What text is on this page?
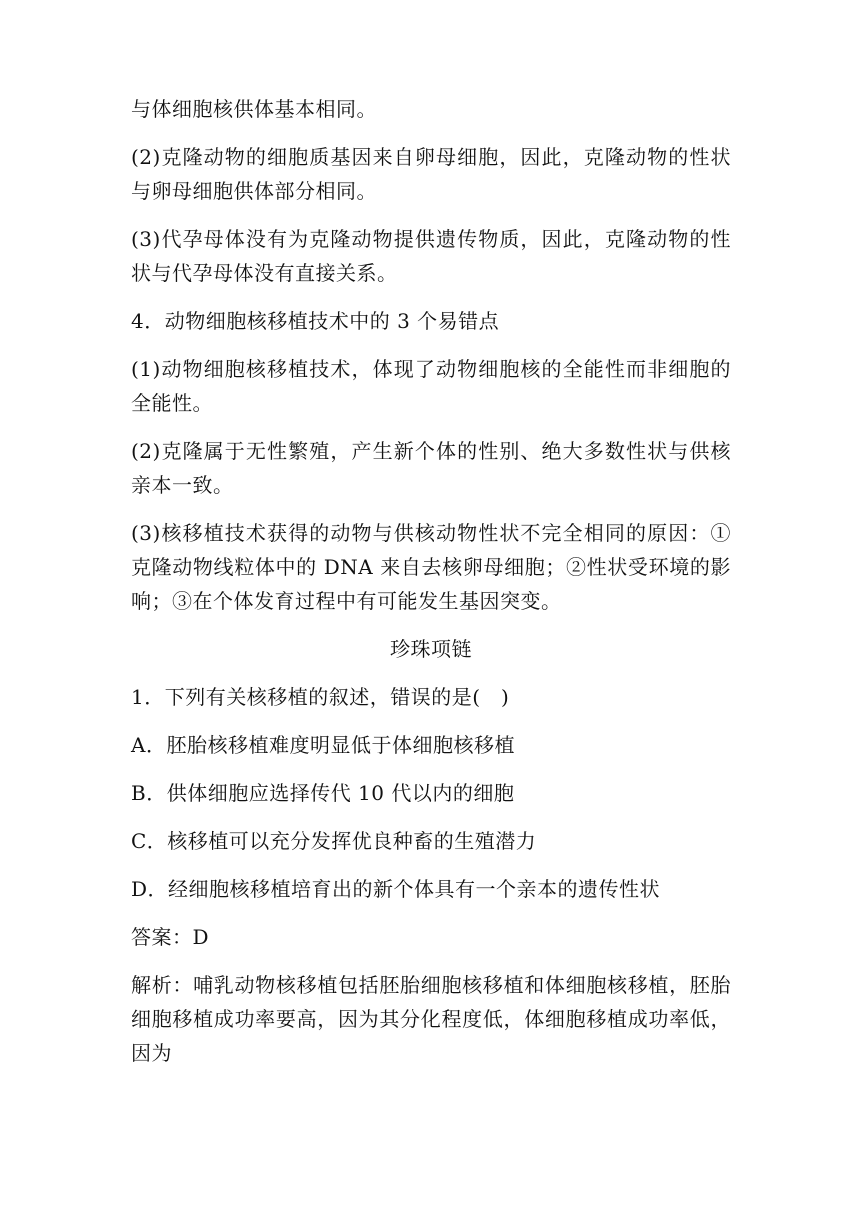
与体细胞核供体基本相同。

(2)克隆动物的细胞质基因来自卵母细胞，因此，克隆动物的性状与卵母细胞供体部分相同。

(3)代孕母体没有为克隆动物提供遗传物质，因此，克隆动物的性状与代孕母体没有直接关系。

4．动物细胞核移植技术中的 3 个易错点

(1)动物细胞核移植技术，体现了动物细胞核的全能性而非细胞的全能性。

(2)克隆属于无性繁殖，产生新个体的性别、绝大多数性状与供核亲本一致。

(3)核移植技术获得的动物与供核动物性状不完全相同的原因：①克隆动物线粒体中的 DNA 来自去核卵母细胞；②性状受环境的影响；③在个体发育过程中有可能发生基因突变。

珍珠项链

1．下列有关核移植的叙述，错误的是(　)

A．胚胎核移植难度明显低于体细胞核移植

B．供体细胞应选择传代 10 代以内的细胞

C．核移植可以充分发挥优良种畜的生殖潜力

D．经细胞核移植培育出的新个体具有一个亲本的遗传性状

答案：D

解析：哺乳动物核移植包括胚胎细胞核移植和体细胞核移植，胚胎细胞移植成功率要高，因为其分化程度低，体细胞移植成功率低，因为
